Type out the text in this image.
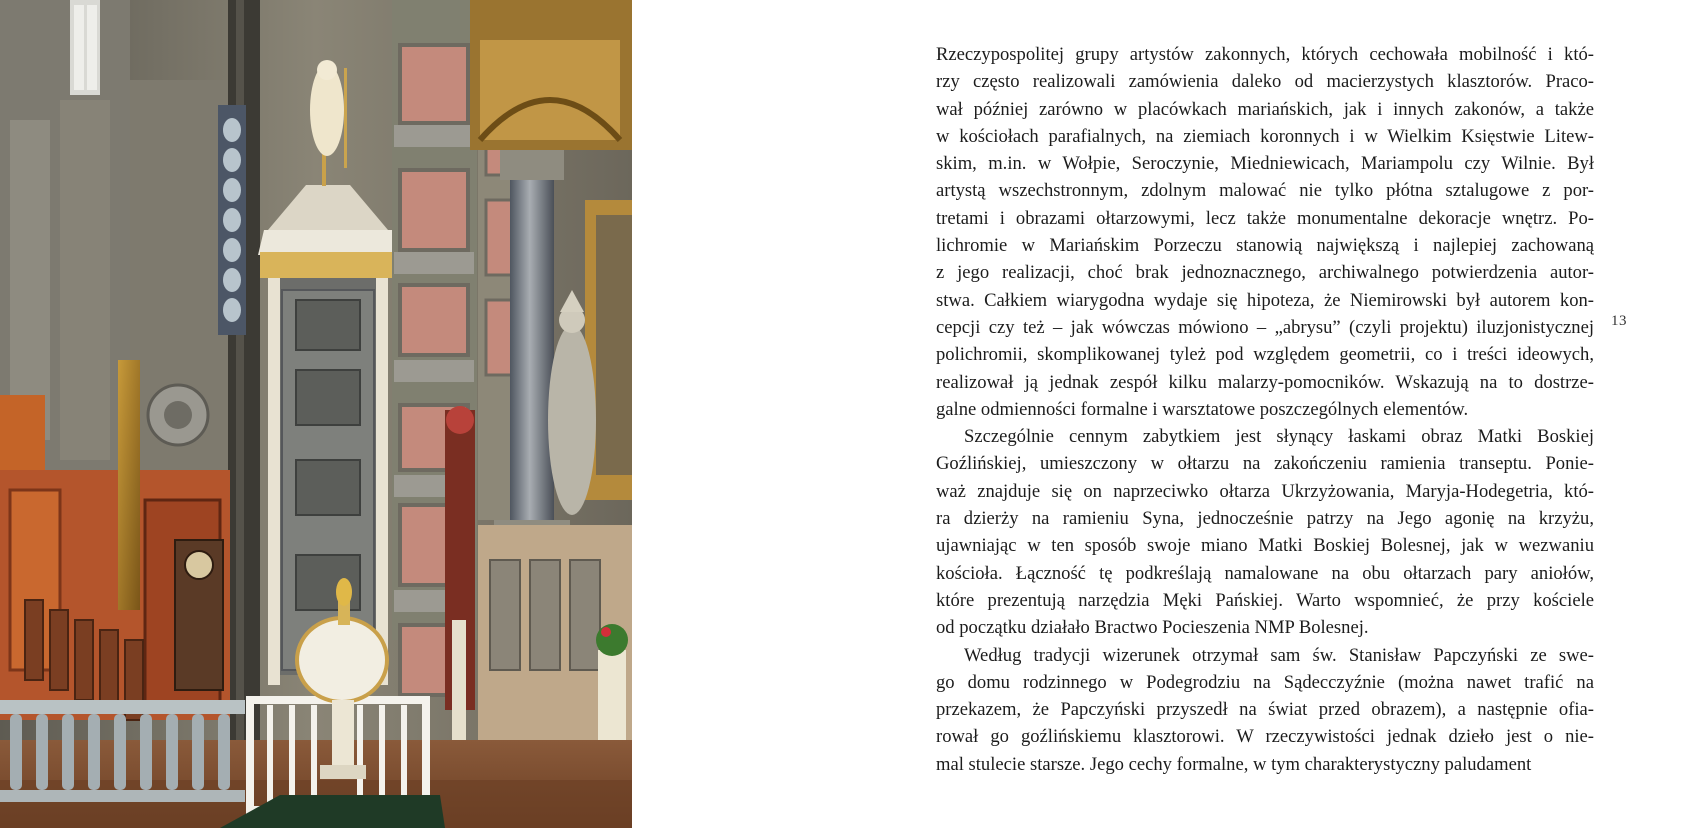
Rzeczypospolitej grupy artystów zakonnych, których cechowała mobilność i któ-
rzy często realizowali zamówienia daleko od macierzystych klasztorów. Praco-
wał później zarówno w placówkach mariańskich, jak i innych zakonów, a także
w kościołach parafialnych, na ziemiach koronnych i w Wielkim Księstwie Litew-
skim, m.in. w Wołpie, Seroczynie, Miedniewicach, Mariampolu czy Wilnie. Był
artystą wszechstronnym, zdolnym malować nie tylko płótna sztalugowe z por-
tretami i obrazami ołtarzowymi, lecz także monumentalne dekoracje wnętrz. Po-
lichromie w Mariańskim Porzeczu stanowią największą i najlepiej zachowaną
z jego realizacji, choć brak jednoznacznego, archiwalnego potwierdzenia autor-
stwa. Całkiem wiarygodna wydaje się hipoteza, że Niemirowski był autorem kon-
cepcji czy też – jak wówczas mówiono – „abrysu” (czyli projektu) iluzjonistycznej
polichromii, skomplikowanej tyleż pod względem geometrii, co i treści ideowych,
realizował ją jednak zespół kilku malarzy-pomocników. Wskazują na to dostrze-
galne odmienności formalne i warsztatowe poszczególnych elementów.

Szczególnie cennym zabytkiem jest słynący łaskami obraz Matki Boskiej
Goźlińskiej, umieszczony w ołtarzu na zakończeniu ramienia transeptu. Ponie-
waż znajduje się on naprzeciwko ołtarza Ukrzyżowania, Maryja-Hodegetria, któ-
ra dzierży na ramieniu Syna, jednocześnie patrzy na Jego agonię na krzyżu,
ujawniając w ten sposób swoje miano Matki Boskiej Bolesnej, jak w wezwaniu
kościoła. Łączność tę podkreślają namalowane na obu ołtarzach pary aniołów,
które prezentują narzędzia Męki Pańskiej. Warto wspomnieć, że przy kościele
od początku działało Bractwo Pocieszenia NMP Bolesnej.

Według tradycji wizerunek otrzymał sam św. Stanisław Papczyński ze swe-
go domu rodzinnego w Podegrodziu na Sądecczyźnie (można nawet trafić na
przekazem, że Papczyński przyszedł na świat przed obrazem), a następnie ofia-
rował go goźlińskiemu klasztorowi. W rzeczywistości jednak dzieło jest o nie-
mal stulecie starsze. Jego cechy formalne, w tym charakterystyczny paludament

13
